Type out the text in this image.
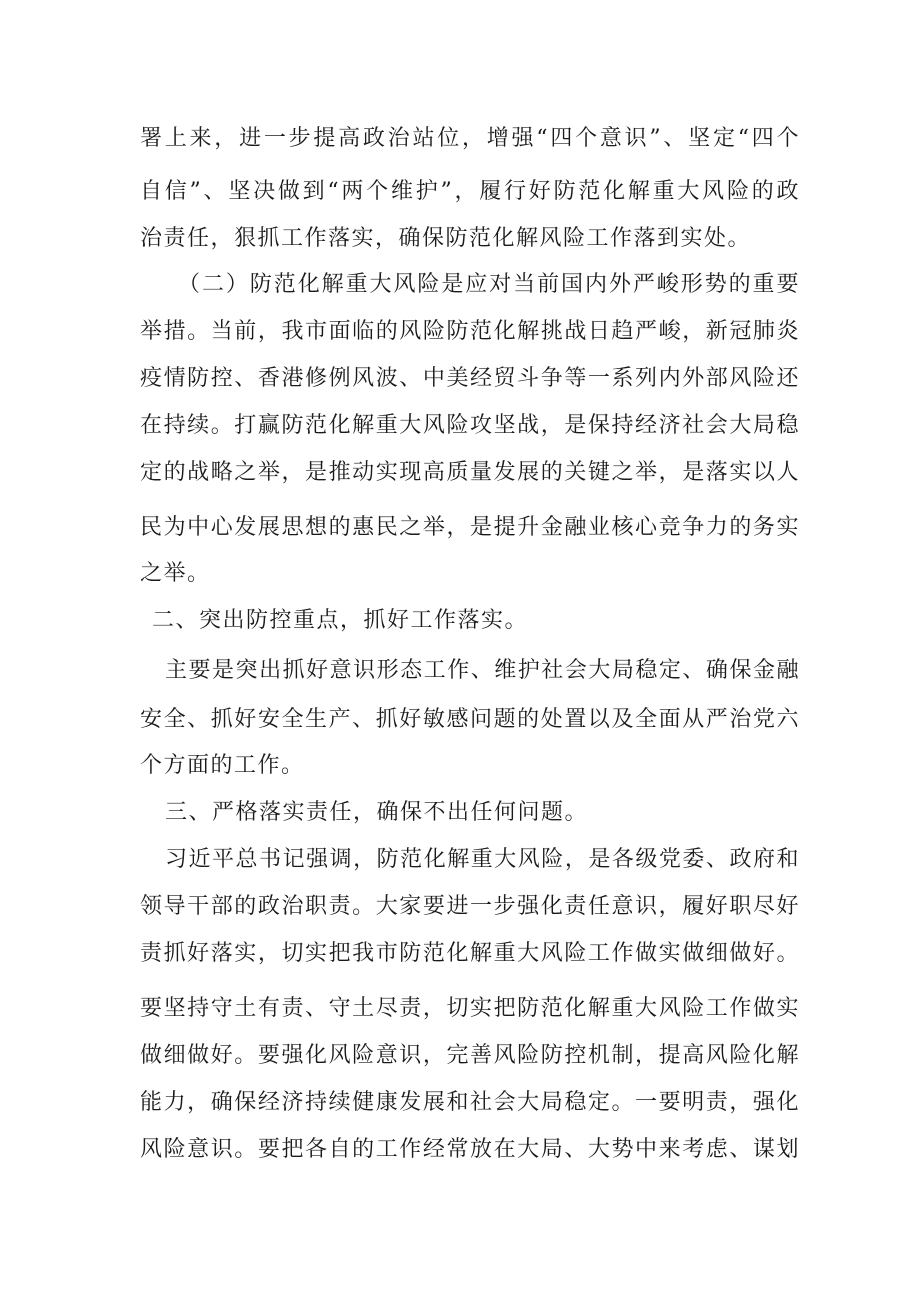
署上来，进一步提高政治站位，增强“四个意识”、坚定“四个
自信”、坚决做到“两个维护”，履行好防范化解重大风险的政
治责任，狠抓工作落实，确保防范化解风险工作落到实处。
（二）防范化解重大风险是应对当前国内外严峻形势的重要
举措。当前，我市面临的风险防范化解挑战日趋严峻，新冠肺炎
疫情防控、香港修例风波、中美经贸斗争等一系列内外部风险还
在持续。打赢防范化解重大风险攻坚战，是保持经济社会大局稳
定的战略之举，是推动实现高质量发展的关键之举，是落实以人
民为中心发展思想的惠民之举，是提升金融业核心竞争力的务实
之举。
二、突出防控重点，抓好工作落实。
主要是突出抓好意识形态工作、维护社会大局稳定、确保金融
安全、抓好安全生产、抓好敏感问题的处置以及全面从严治党六
个方面的工作。
三、严格落实责任，确保不出任何问题。
习近平总书记强调，防范化解重大风险，是各级党委、政府和
领导干部的政治职责。大家要进一步强化责任意识，履好职尽好
责抓好落实，切实把我市防范化解重大风险工作做实做细做好。
要坚持守土有责、守土尽责，切实把防范化解重大风险工作做实
做细做好。要强化风险意识，完善风险防控机制，提高风险化解
能力，确保经济持续健康发展和社会大局稳定。一要明责，强化
风险意识。要把各自的工作经常放在大局、大势中来考虑、谋划
